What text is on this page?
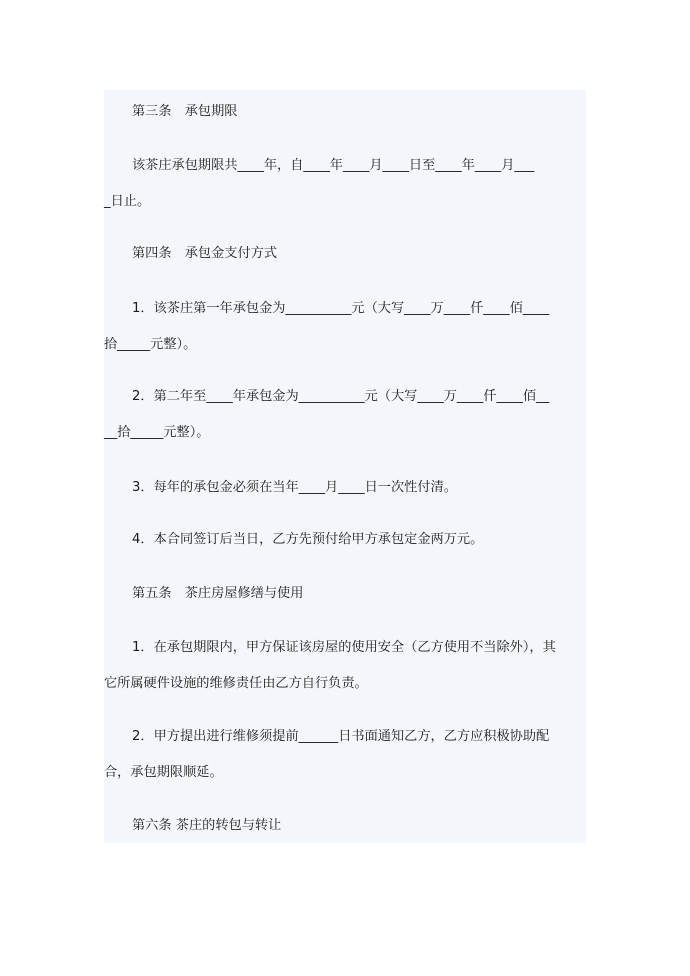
第三条　承包期限
该茶庄承包期限共____年，自____年____月____日至____年____月___
_日止。
第四条　承包金支付方式
1．该茶庄第一年承包金为__________元（大写____万____仟____佰____
拾_____元整）。
2．第二年至____年承包金为__________元（大写____万____仟____佰__
__拾_____元整）。
3．每年的承包金必须在当年____月____日一次性付清。
4．本合同签订后当日，乙方先预付给甲方承包定金两万元。
第五条　茶庄房屋修缮与使用
1．在承包期限内，甲方保证该房屋的使用安全（乙方使用不当除外），其
它所属硬件设施的维修责任由乙方自行负责。
2．甲方提出进行维修须提前______日书面通知乙方，乙方应积极协助配
合，承包期限顺延。
第六条 茶庄的转包与转让
